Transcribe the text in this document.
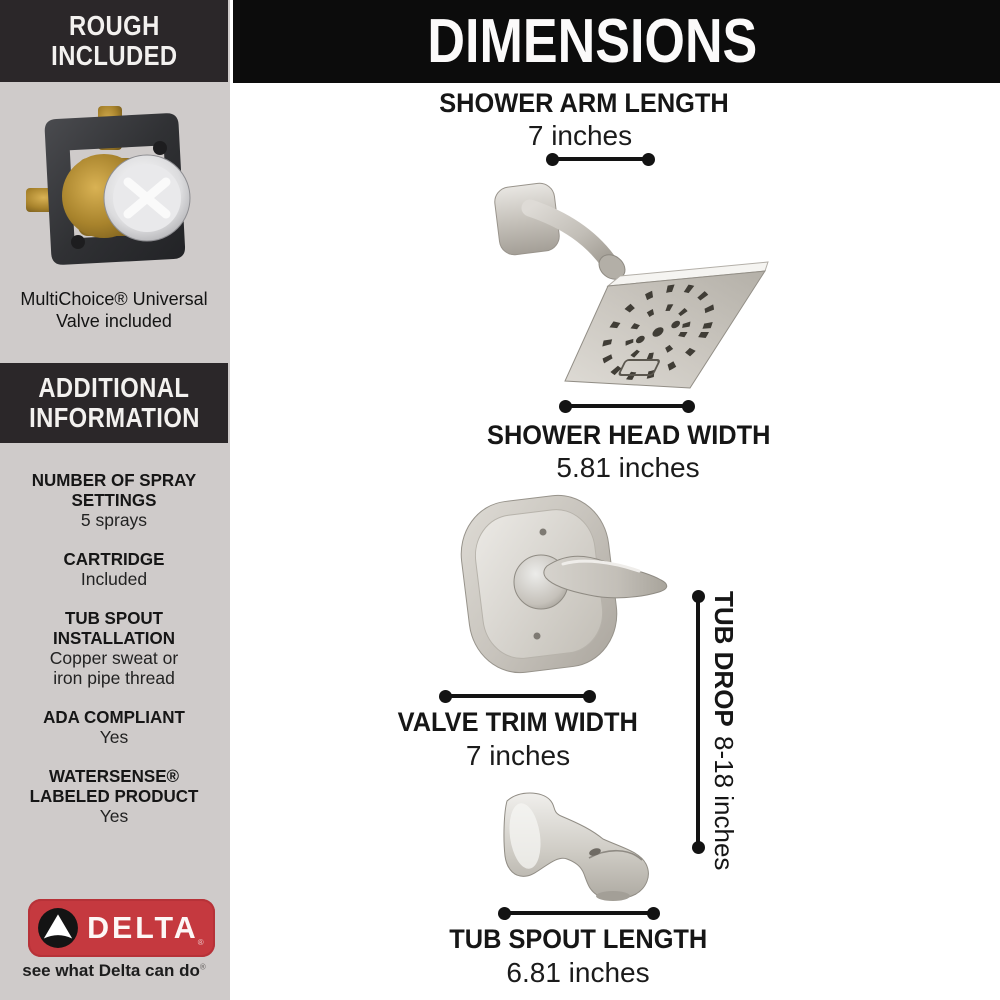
ROUGH
INCLUDED
MultiChoice® Universal
Valve included
ADDITIONAL
INFORMATION
NUMBER OF SPRAY SETTINGS
5 sprays
CARTRIDGE
Included
TUB SPOUT INSTALLATION
Copper sweat or iron pipe thread
ADA COMPLIANT
Yes
WATERSENSE® LABELED PRODUCT
Yes
DELTA ®
see what Delta can do®
DIMENSIONS
SHOWER ARM LENGTH
7 inches
SHOWER HEAD WIDTH
5.81 inches
VALVE TRIM WIDTH
7 inches
TUB DROP8-18 inches
TUB SPOUT LENGTH
6.81 inches
